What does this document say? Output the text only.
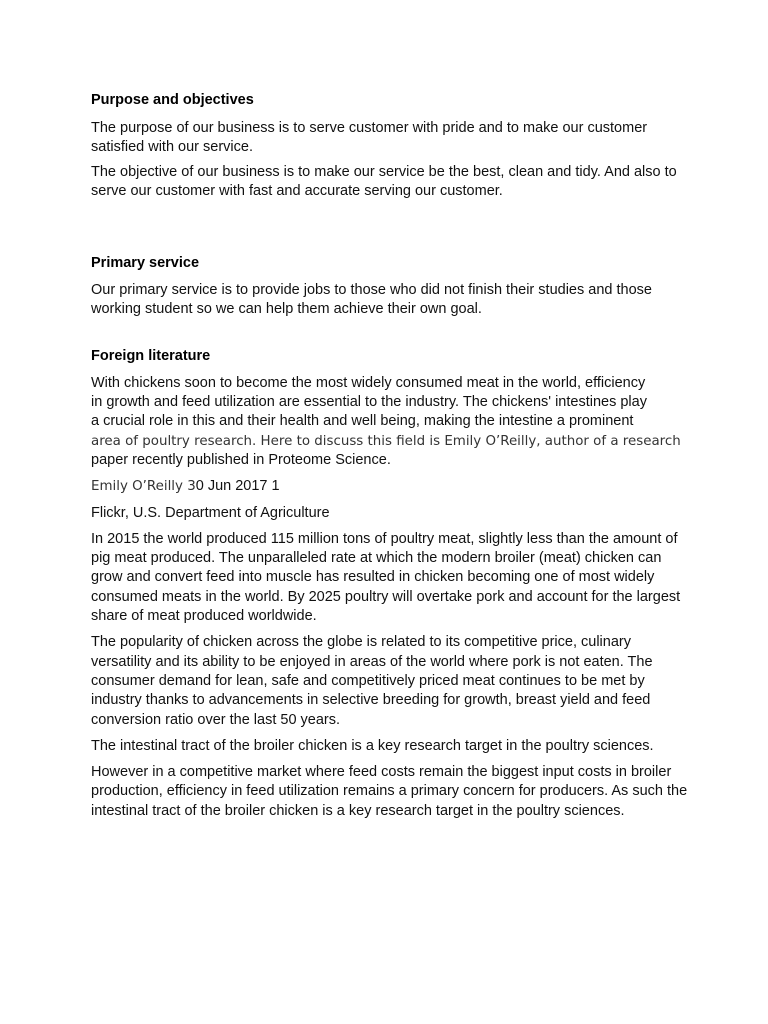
Purpose and objectives

The purpose of our business is to serve customer with pride and to make our customer satisfied with our service.

The objective of our business is to make our service be the best, clean and tidy. And also to serve our customer with fast and accurate serving our customer.

Primary service

Our primary service is to provide jobs to those who did not finish their studies and those working student so we can help them achieve their own goal.

Foreign literature

With chickens soon to become the most widely consumed meat in the world, efficiency
in growth and feed utilization are essential to the industry. The chickens' intestines play
a crucial role in this and their health and well being, making the intestine a prominent
area of poultry research. Here to discuss this field is Emily O’Reilly, author of a research
paper recently published in Proteome Science.

Emily O’Reilly 30 Jun 2017 1

Flickr, U.S. Department of Agriculture

In 2015 the world produced 115 million tons of poultry meat, slightly less than the amount of pig meat produced. The unparalleled rate at which the modern broiler (meat) chicken can grow and convert feed into muscle has resulted in chicken becoming one of most widely consumed meats in the world. By 2025 poultry will overtake pork and account for the largest share of meat produced worldwide.

The popularity of chicken across the globe is related to its competitive price, culinary versatility and its ability to be enjoyed in areas of the world where pork is not eaten. The consumer demand for lean, safe and competitively priced meat continues to be met by industry thanks to advancements in selective breeding for growth, breast yield and feed conversion ratio over the last 50 years.

The intestinal tract of the broiler chicken is a key research target in the poultry sciences.

However in a competitive market where feed costs remain the biggest input costs in broiler production, efficiency in feed utilization remains a primary concern for producers. As such the intestinal tract of the broiler chicken is a key research target in the poultry sciences.
